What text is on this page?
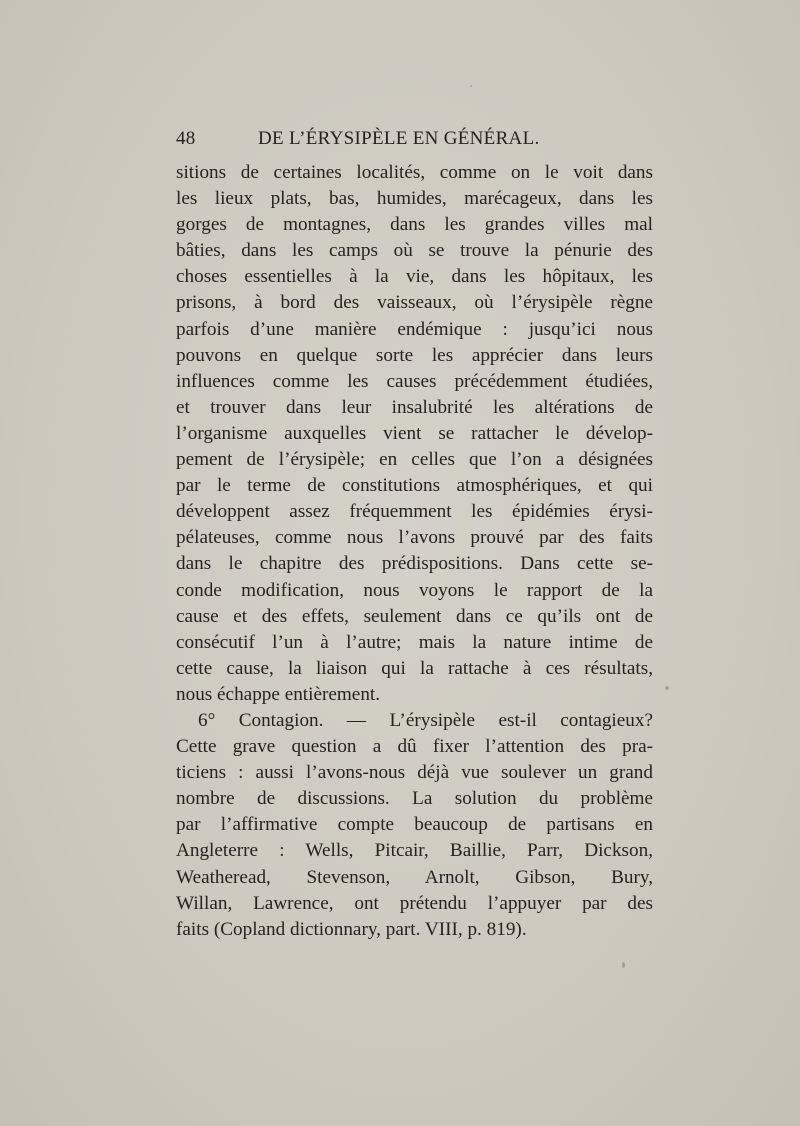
48	DE L’ÉRYSIPÈLE EN GÉNÉRAL.
sitions de certaines localités, comme on le voit dans
les lieux plats, bas, humides, marécageux, dans les
gorges de montagnes, dans les grandes villes mal
bâties, dans les camps où se trouve la pénurie des
choses essentielles à la vie, dans les hôpitaux, les
prisons, à bord des vaisseaux, où l’érysipèle règne
parfois d’une manière endémique : jusqu’ici nous
pouvons en quelque sorte les apprécier dans leurs
influences comme les causes précédemment étudiées,
et trouver dans leur insalubrité les altérations de
l’organisme auxquelles vient se rattacher le dévelop-
pement de l’érysipèle; en celles que l’on a désignées
par le terme de constitutions atmosphériques, et qui
développent assez fréquemment les épidémies érysi-
pélateuses, comme nous l’avons prouvé par des faits
dans le chapitre des prédispositions. Dans cette se-
conde modification, nous voyons le rapport de la
cause et des effets, seulement dans ce qu’ils ont de
consécutif l’un à l’autre; mais la nature intime de
cette cause, la liaison qui la rattache à ces résultats,
nous échappe entièrement.
6° Contagion. — L’érysipèle est-il contagieux?
Cette grave question a dû fixer l’attention des pra-
ticiens : aussi l’avons-nous déjà vue soulever un grand
nombre de discussions. La solution du problème
par l’affirmative compte beaucoup de partisans en
Angleterre : Wells, Pitcair, Baillie, Parr, Dickson,
Weatheread, Stevenson, Arnolt, Gibson, Bury,
Willan, Lawrence, ont prétendu l’appuyer par des
faits (Copland dictionnary, part. VIII, p. 819).
